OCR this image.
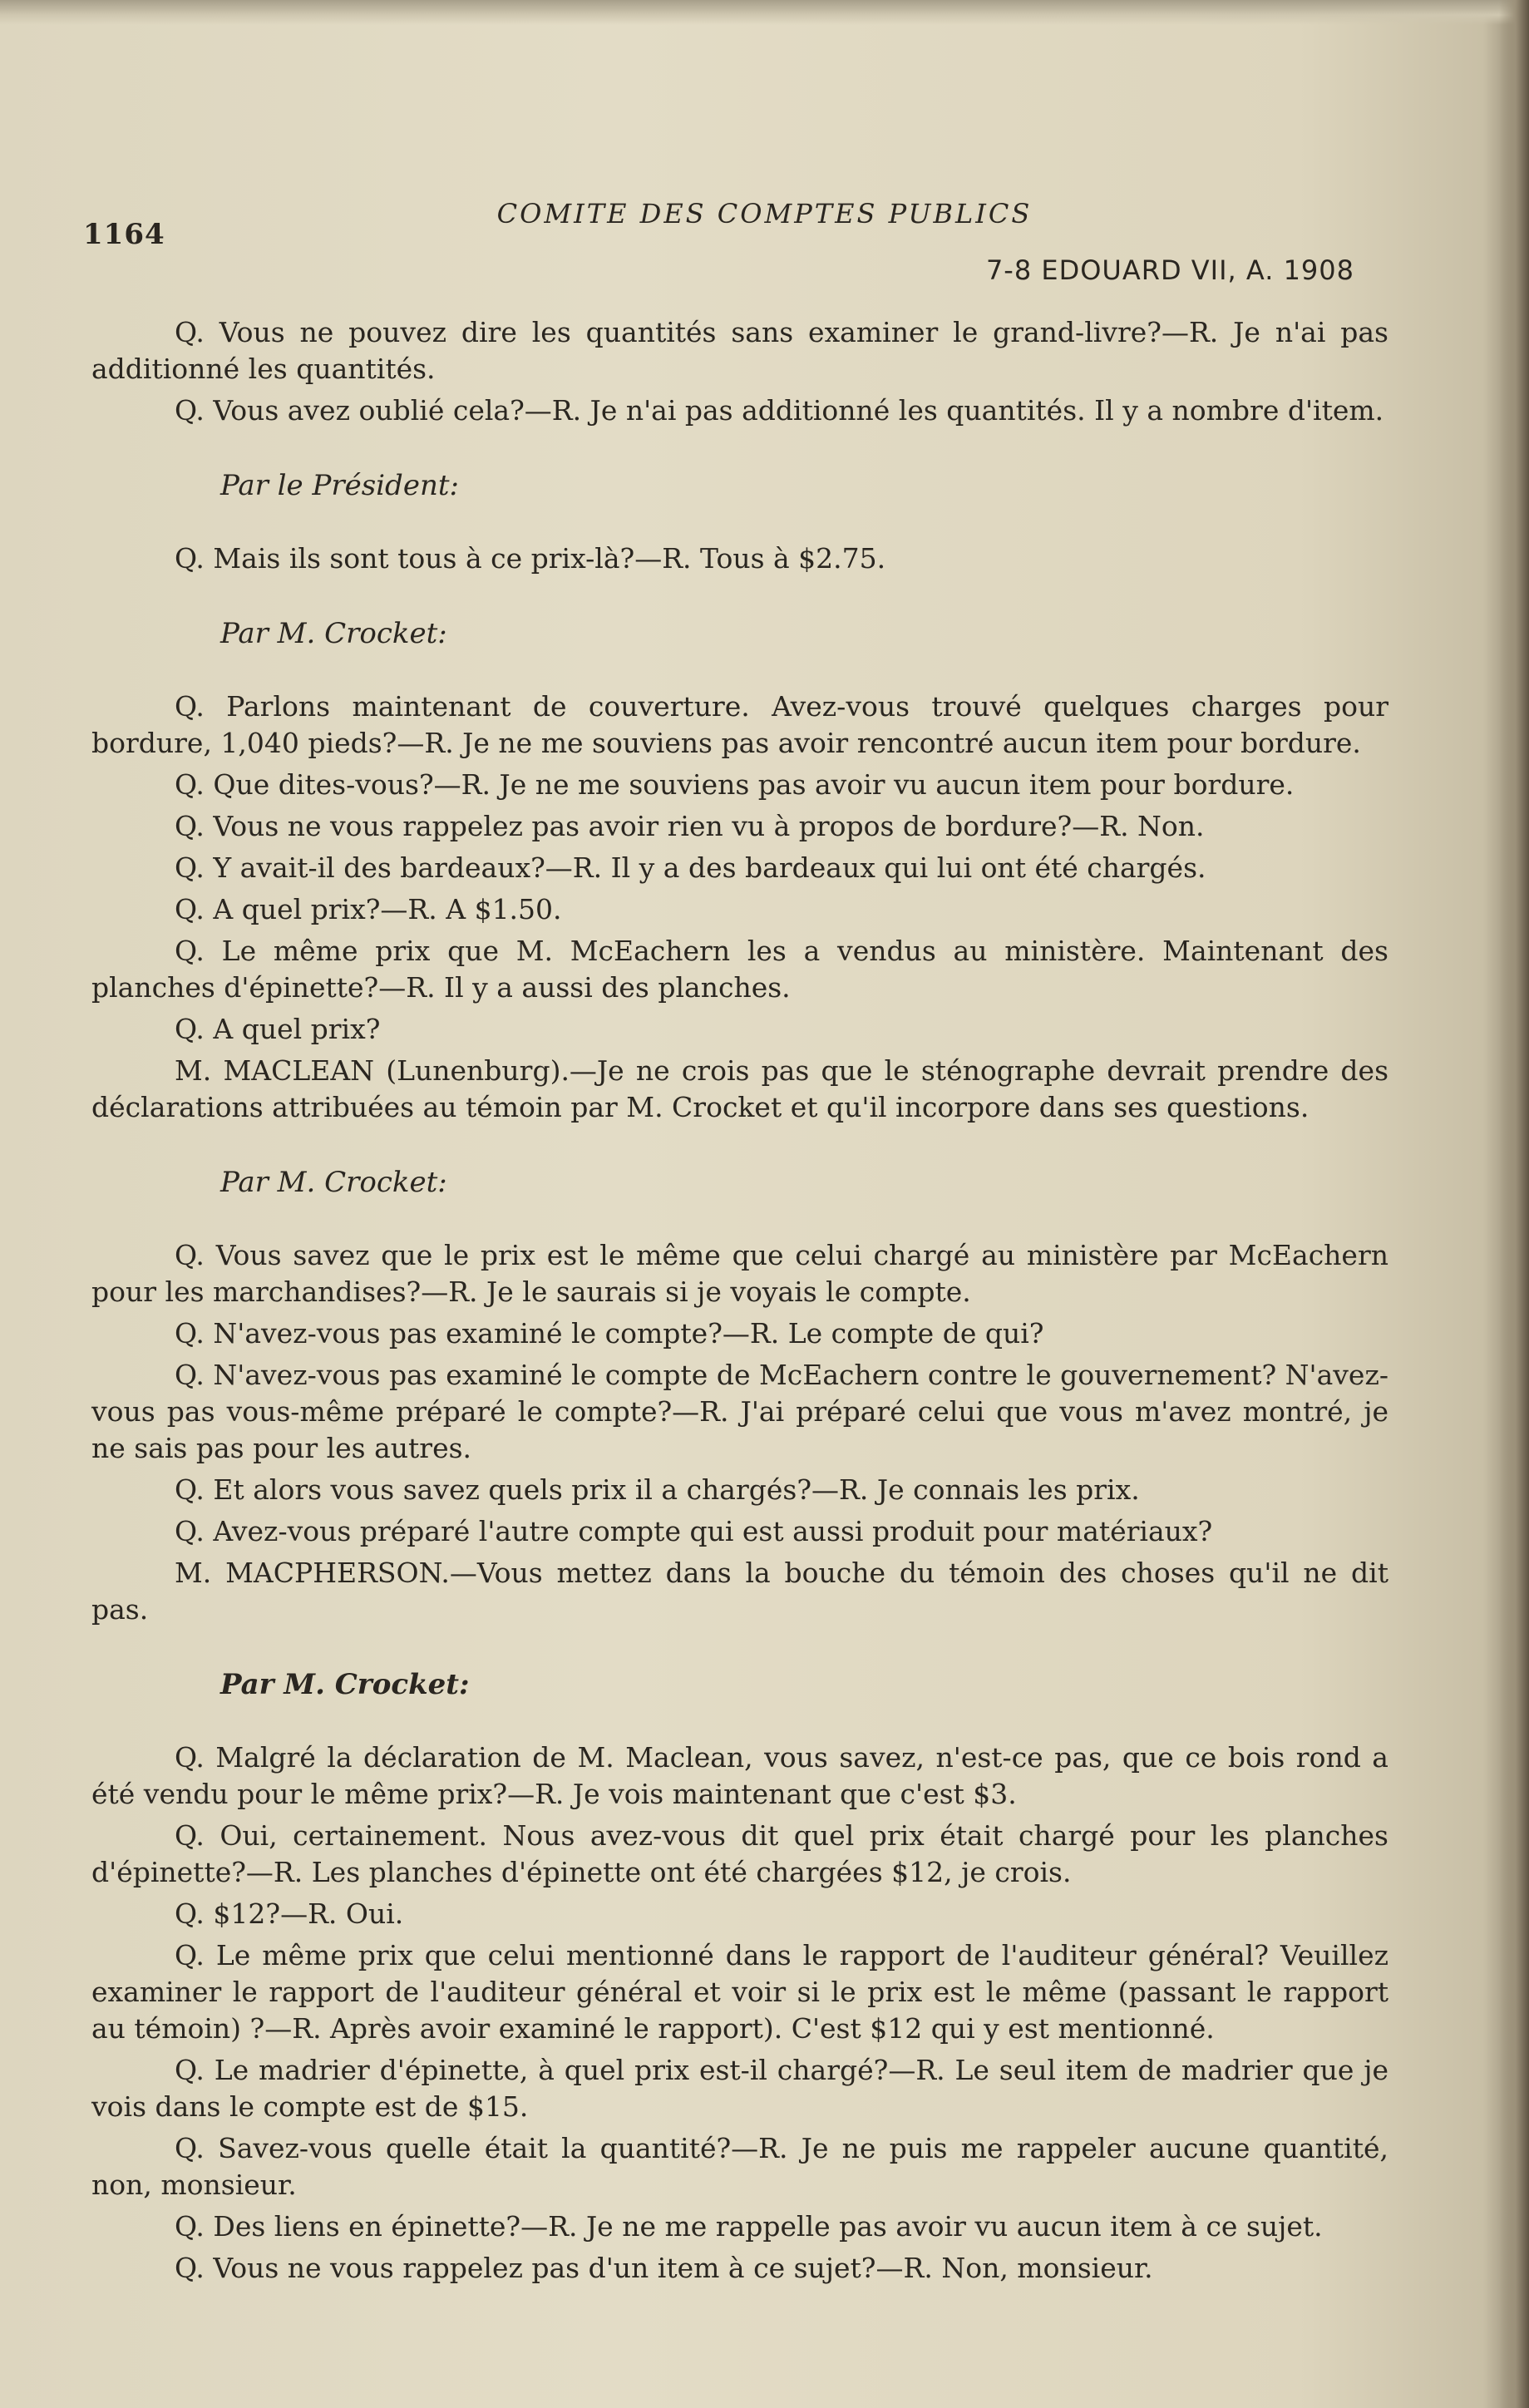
1164
COMITE DES COMPTES PUBLICS
7-8 EDOUARD VII, A. 1908

Q. Vous ne pouvez dire les quantités sans examiner le grand-livre?—R. Je n'ai pas additionné les quantités.

Q. Vous avez oublié cela?—R. Je n'ai pas additionné les quantités. Il y a nombre d'item.

Par le Président:

Q. Mais ils sont tous à ce prix-là?—R. Tous à $2.75.

Par M. Crocket:

Q. Parlons maintenant de couverture. Avez-vous trouvé quelques charges pour bordure, 1,040 pieds?—R. Je ne me souviens pas avoir rencontré aucun item pour bordure.

Q. Que dites-vous?—R. Je ne me souviens pas avoir vu aucun item pour bordure.

Q. Vous ne vous rappelez pas avoir rien vu à propos de bordure?—R. Non.

Q. Y avait-il des bardeaux?—R. Il y a des bardeaux qui lui ont été chargés.

Q. A quel prix?—R. A $1.50.

Q. Le même prix que M. McEachern les a vendus au ministère. Maintenant des planches d'épinette?—R. Il y a aussi des planches.

Q. A quel prix?

M. MACLEAN (Lunenburg).—Je ne crois pas que le sténographe devrait prendre des déclarations attribuées au témoin par M. Crocket et qu'il incorpore dans ses questions.

Par M. Crocket:

Q. Vous savez que le prix est le même que celui chargé au ministère par McEachern pour les marchandises?—R. Je le saurais si je voyais le compte.

Q. N'avez-vous pas examiné le compte?—R. Le compte de qui?

Q. N'avez-vous pas examiné le compte de McEachern contre le gouvernement? N'avez-vous pas vous-même préparé le compte?—R. J'ai préparé celui que vous m'avez montré, je ne sais pas pour les autres.

Q. Et alors vous savez quels prix il a chargés?—R. Je connais les prix.

Q. Avez-vous préparé l'autre compte qui est aussi produit pour matériaux?

M. MACPHERSON.—Vous mettez dans la bouche du témoin des choses qu'il ne dit pas.

Par M. Crocket:

Q. Malgré la déclaration de M. Maclean, vous savez, n'est-ce pas, que ce bois rond a été vendu pour le même prix?—R. Je vois maintenant que c'est $3.

Q. Oui, certainement. Nous avez-vous dit quel prix était chargé pour les planches d'épinette?—R. Les planches d'épinette ont été chargées $12, je crois.

Q. $12?—R. Oui.

Q. Le même prix que celui mentionné dans le rapport de l'auditeur général? Veuillez examiner le rapport de l'auditeur général et voir si le prix est le même (passant le rapport au témoin) ?—R. Après avoir examiné le rapport). C'est $12 qui y est mentionné.

Q. Le madrier d'épinette, à quel prix est-il chargé?—R. Le seul item de madrier que je vois dans le compte est de $15.

Q. Savez-vous quelle était la quantité?—R. Je ne puis me rappeler aucune quantité, non, monsieur.

Q. Des liens en épinette?—R. Je ne me rappelle pas avoir vu aucun item à ce sujet.

Q. Vous ne vous rappelez pas d'un item à ce sujet?—R. Non, monsieur.
